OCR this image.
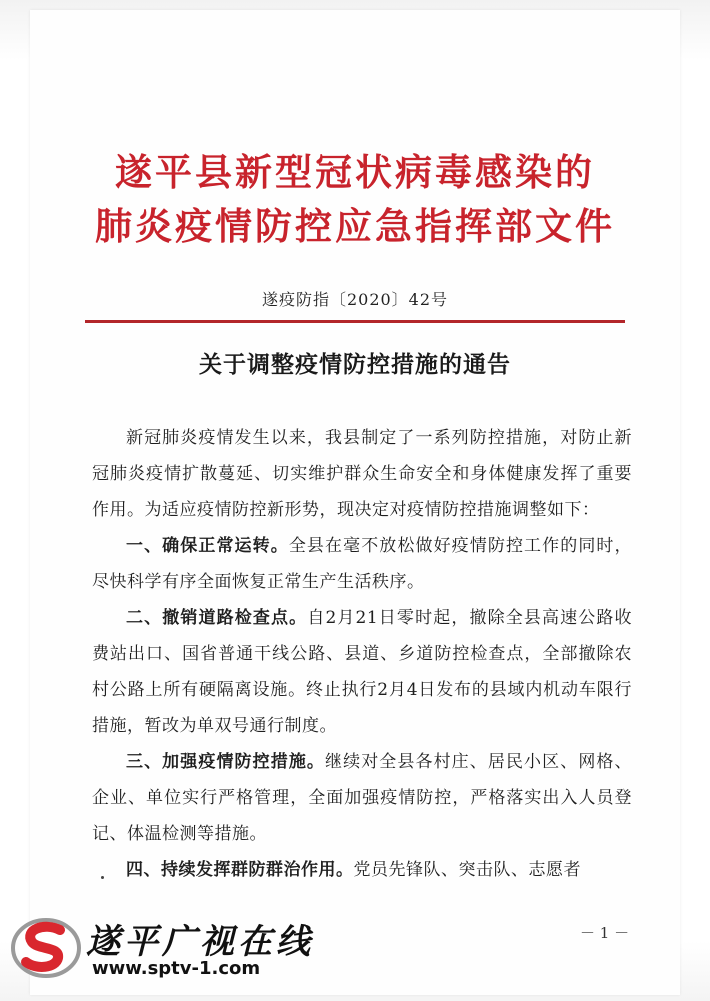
遂平县新型冠状病毒感染的
肺炎疫情防控应急指挥部文件
遂疫防指〔2020〕42号
关于调整疫情防控措施的通告

新冠肺炎疫情发生以来，我县制定了一系列防控措施，对防止新冠肺炎疫情扩散蔓延、切实维护群众生命安全和身体健康发挥了重要作用。为适应疫情防控新形势，现决定对疫情防控措施调整如下：

一、确保正常运转。全县在毫不放松做好疫情防控工作的同时，尽快科学有序全面恢复正常生产生活秩序。

二、撤销道路检查点。自2月21日零时起，撤除全县高速公路收费站出口、国省普通干线公路、县道、乡道防控检查点，全部撤除农村公路上所有硬隔离设施。终止执行2月4日发布的县域内机动车限行措施，暂改为单双号通行制度。

三、加强疫情防控措施。继续对全县各村庄、居民小区、网格、企业、单位实行严格管理，全面加强疫情防控，严格落实出入人员登记、体温检测等措施。

四、持续发挥群防群治作用。党员先锋队、突击队、志愿者

－ 1 －
遂平广视在线
www.sptv-1.com
